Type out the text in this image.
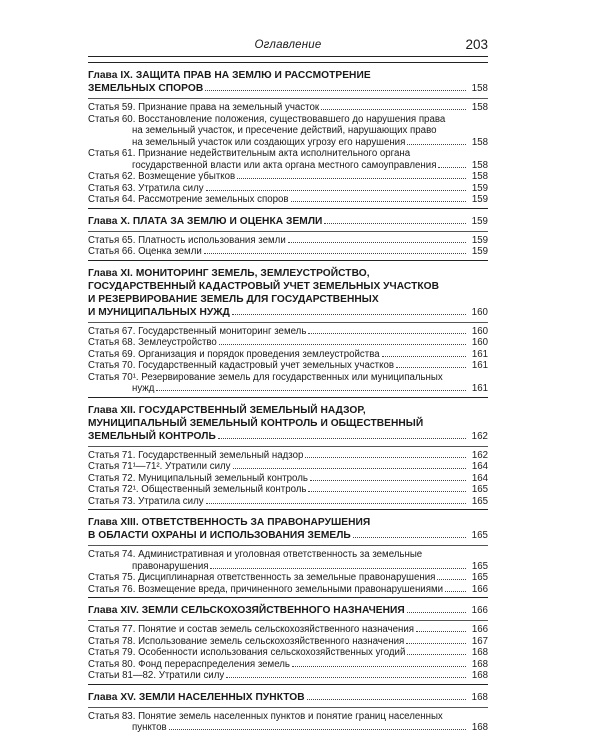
Оглавление	203
Глава IX. ЗАЩИТА ПРАВ НА ЗЕМЛЮ И РАССМОТРЕНИЕ
ЗЕМЕЛЬНЫХ СПОРОВ	158
Статья 59. Признание права на земельный участок	158
Статья 60. Восстановление положения, существовавшего до нарушения права
на земельный участок, и пресечение действий, нарушающих право
на земельный участок или создающих угрозу его нарушения	158
Статья 61. Признание недействительным акта исполнительного органа
государственной власти или акта органа местного самоуправления	158
Статья 62. Возмещение убытков	158
Статья 63. Утратила силу	159
Статья 64. Рассмотрение земельных споров	159
Глава X. ПЛАТА ЗА ЗЕМЛЮ И ОЦЕНКА ЗЕМЛИ	159
Статья 65. Платность использования земли	159
Статья 66. Оценка земли	159
Глава XI. МОНИТОРИНГ ЗЕМЕЛЬ, ЗЕМЛЕУСТРОЙСТВО,
ГОСУДАРСТВЕННЫЙ КАДАСТРОВЫЙ УЧЕТ ЗЕМЕЛЬНЫХ УЧАСТКОВ
И РЕЗЕРВИРОВАНИЕ ЗЕМЕЛЬ ДЛЯ ГОСУДАРСТВЕННЫХ
И МУНИЦИПАЛЬНЫХ НУЖД	160
Статья 67. Государственный мониторинг земель	160
Статья 68. Землеустройство	160
Статья 69. Организация и порядок проведения землеустройства	161
Статья 70. Государственный кадастровый учет земельных участков	161
Статья 70¹. Резервирование земель для государственных или муниципальных
нужд	161
Глава XII. ГОСУДАРСТВЕННЫЙ ЗЕМЕЛЬНЫЙ НАДЗОР,
МУНИЦИПАЛЬНЫЙ ЗЕМЕЛЬНЫЙ КОНТРОЛЬ И ОБЩЕСТВЕННЫЙ
ЗЕМЕЛЬНЫЙ КОНТРОЛЬ	162
Статья 71. Государственный земельный надзор	162
Статья 71¹—71². Утратили силу	164
Статья 72. Муниципальный земельный контроль	164
Статья 72¹. Общественный земельный контроль	165
Статья 73. Утратила силу	165
Глава XIII. ОТВЕТСТВЕННОСТЬ ЗА ПРАВОНАРУШЕНИЯ
В ОБЛАСТИ ОХРАНЫ И ИСПОЛЬЗОВАНИЯ ЗЕМЕЛЬ	165
Статья 74. Административная и уголовная ответственность за земельные
правонарушения	165
Статья 75. Дисциплинарная ответственность за земельные правонарушения	165
Статья 76. Возмещение вреда, причиненного земельными правонарушениями	166
Глава XIV. ЗЕМЛИ СЕЛЬСКОХОЗЯЙСТВЕННОГО НАЗНАЧЕНИЯ	166
Статья 77. Понятие и состав земель сельскохозяйственного назначения	166
Статья 78. Использование земель сельскохозяйственного назначения	167
Статья 79. Особенности использования сельскохозяйственных угодий	168
Статья 80. Фонд перераспределения земель	168
Статьи 81—82. Утратили силу	168
Глава XV. ЗЕМЛИ НАСЕЛЕННЫХ ПУНКТОВ	168
Статья 83. Понятие земель населенных пунктов и понятие границ населенных
пунктов	168
